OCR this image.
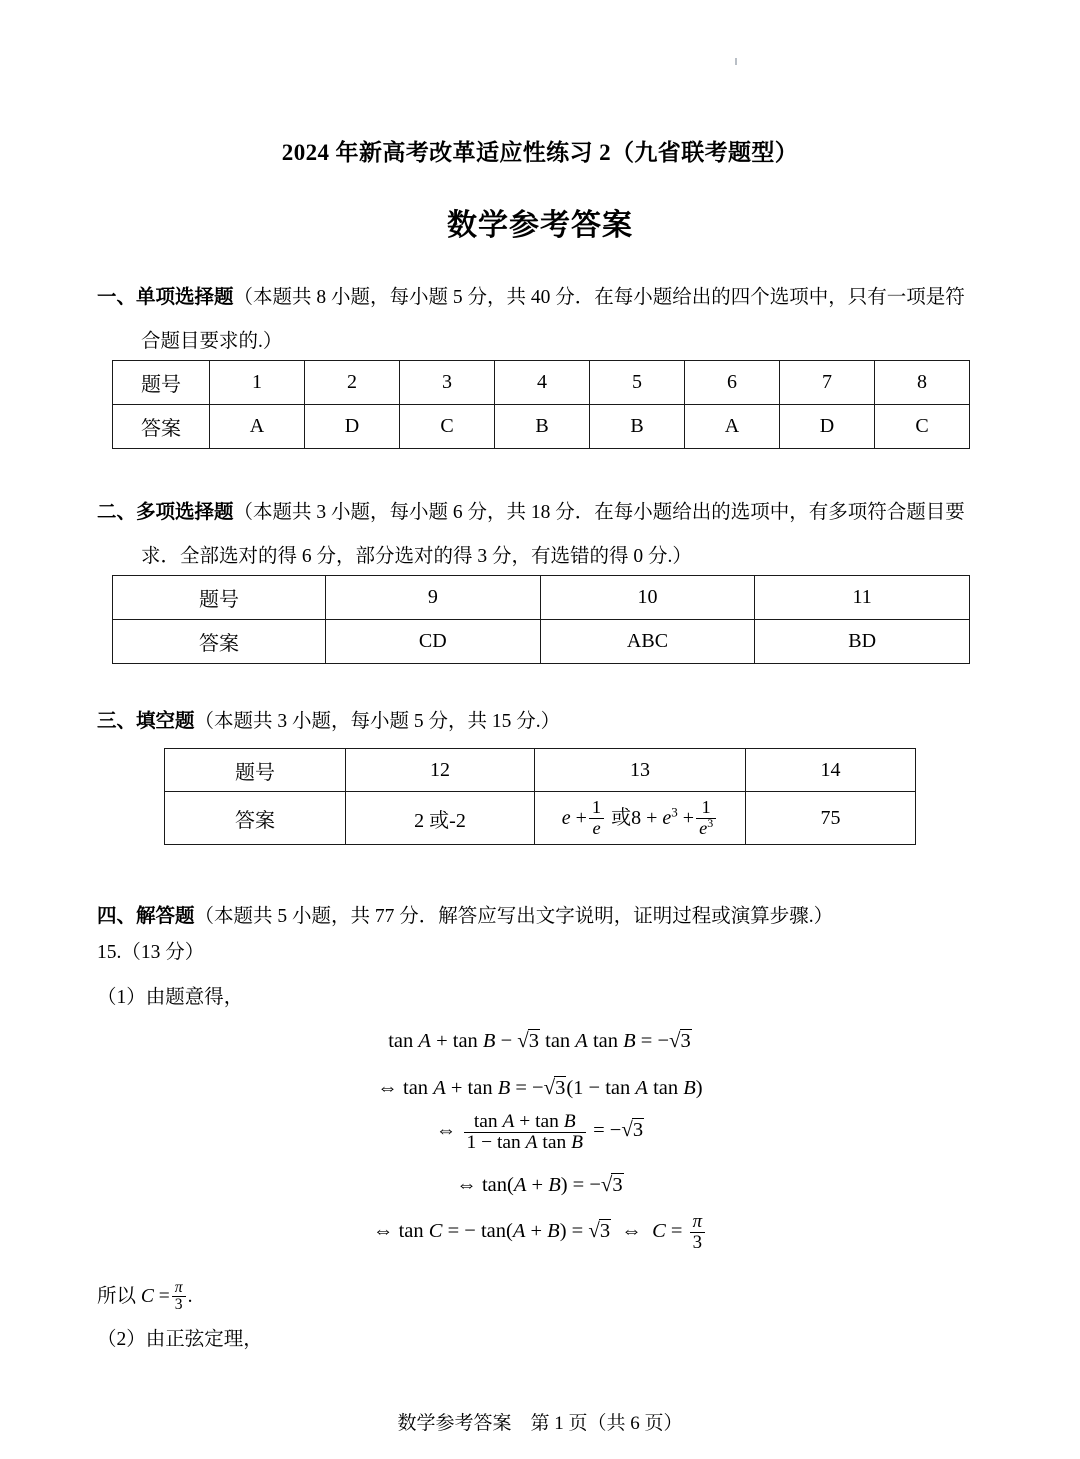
2024 年新高考改革适应性练习 2（九省联考题型）
数学参考答案
一、单项选择题（本题共 8 小题，每小题 5 分，共 40 分．在每小题给出的四个选项中，只有一项是符
合题目要求的.）
题号	1	2	3	4	5	6	7	8
答案	A	D	C	B	B	A	D	C
二、多项选择题（本题共 3 小题，每小题 6 分，共 18 分．在每小题给出的选项中，有多项符合题目要
求．全部选对的得 6 分，部分选对的得 3 分，有选错的得 0 分.）
题号	9	10	11
答案	CD	ABC	BD
三、填空题（本题共 3 小题，每小题 5 分，共 15 分.）
题号	12	13	14
答案	2 或-2	$e + \frac{1}{e}$ 或$8 + e^3 + \frac{1}{e^3}$	75
四、解答题（本题共 5 小题，共 77 分．解答应写出文字说明，证明过程或演算步骤.）
15.（13 分）
（1）由题意得，
tan A + tan B − √3 tan A tan B = −√3
⇔ tan A + tan B = −√3(1 − tan A tan B)
⇔ $\frac{\text{tan A + tan B}}{\text{1 − tan A tan B}} = -√3$
⇔ tan(A + B) = −√3
⇔ tan C = − tan(A + B) = √3  ⇔  $C = \frac{\pi}{3}$
所以 $C = \frac{\pi}{3}$ .
（2）由正弦定理，
数学参考答案　第 1 页（共 6 页）
